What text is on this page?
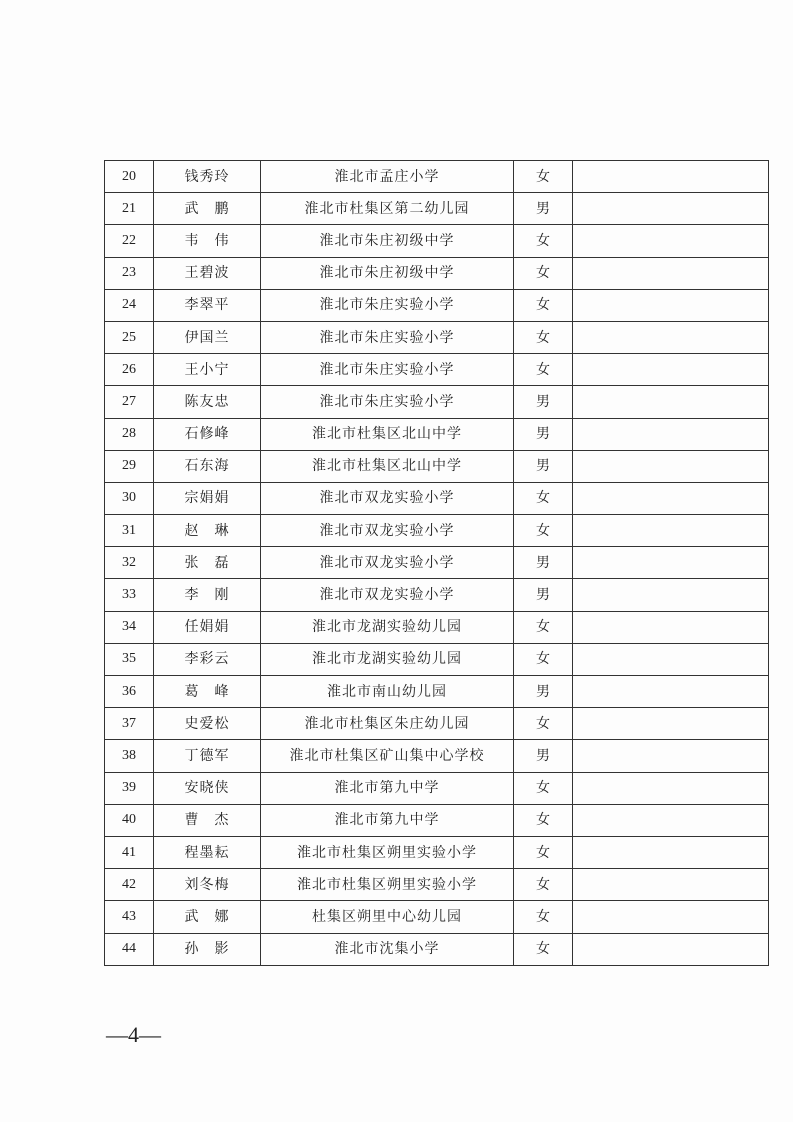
20	钱秀玲	淮北市孟庄小学	女	
21	武　鹏	淮北市杜集区第二幼儿园	男	
22	韦　伟	淮北市朱庄初级中学	女	
23	王碧波	淮北市朱庄初级中学	女	
24	李翠平	淮北市朱庄实验小学	女	
25	伊国兰	淮北市朱庄实验小学	女	
26	王小宁	淮北市朱庄实验小学	女	
27	陈友忠	淮北市朱庄实验小学	男	
28	石修峰	淮北市杜集区北山中学	男	
29	石东海	淮北市杜集区北山中学	男	
30	宗娟娟	淮北市双龙实验小学	女	
31	赵　琳	淮北市双龙实验小学	女	
32	张　磊	淮北市双龙实验小学	男	
33	李　刚	淮北市双龙实验小学	男	
34	任娟娟	淮北市龙湖实验幼儿园	女	
35	李彩云	淮北市龙湖实验幼儿园	女	
36	葛　峰	淮北市南山幼儿园	男	
37	史爱松	淮北市杜集区朱庄幼儿园	女	
38	丁德军	淮北市杜集区矿山集中心学校	男	
39	安晓侠	淮北市第九中学	女	
40	曹　杰	淮北市第九中学	女	
41	程墨耘	淮北市杜集区朔里实验小学	女	
42	刘冬梅	淮北市杜集区朔里实验小学	女	
43	武　娜	杜集区朔里中心幼儿园	女	
44	孙　影	淮北市沈集小学	女	
—4—
